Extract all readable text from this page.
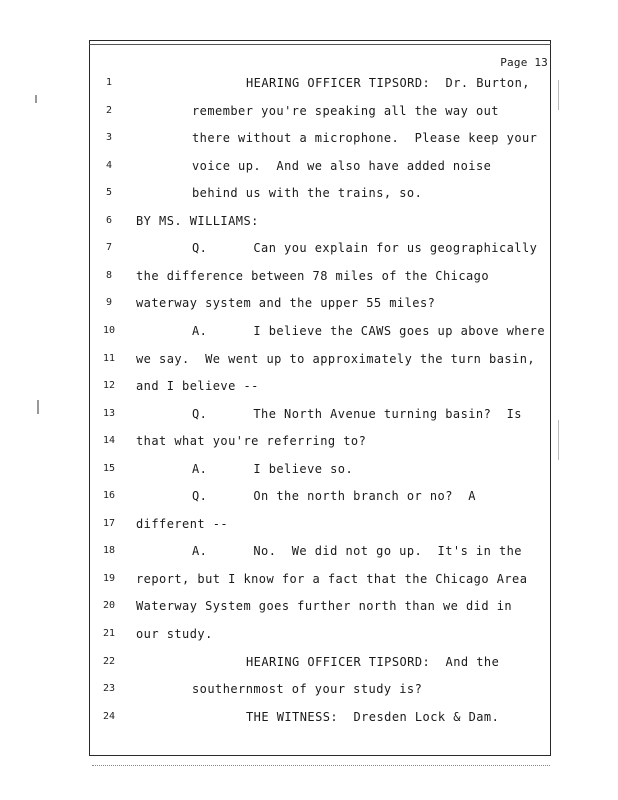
Page 13
1	HEARING OFFICER TIPSORD:  Dr. Burton,
2	remember you're speaking all the way out
3	there without a microphone.  Please keep your
4	voice up.  And we also have added noise
5	behind us with the trains, so.
6	BY MS. WILLIAMS:
7	Q.	Can you explain for us geographically
8	the difference between 78 miles of the Chicago
9	waterway system and the upper 55 miles?
10	A.	I believe the CAWS goes up above where
11	we say.  We went up to approximately the turn basin,
12	and I believe --
13	Q.	The North Avenue turning basin?  Is
14	that what you're referring to?
15	A.	I believe so.
16	Q.	On the north branch or no?  A
17	different --
18	A.	No.  We did not go up.  It's in the
19	report, but I know for a fact that the Chicago Area
20	Waterway System goes further north than we did in
21	our study.
22	HEARING OFFICER TIPSORD:  And the
23	southernmost of your study is?
24	THE WITNESS:  Dresden Lock & Dam.
